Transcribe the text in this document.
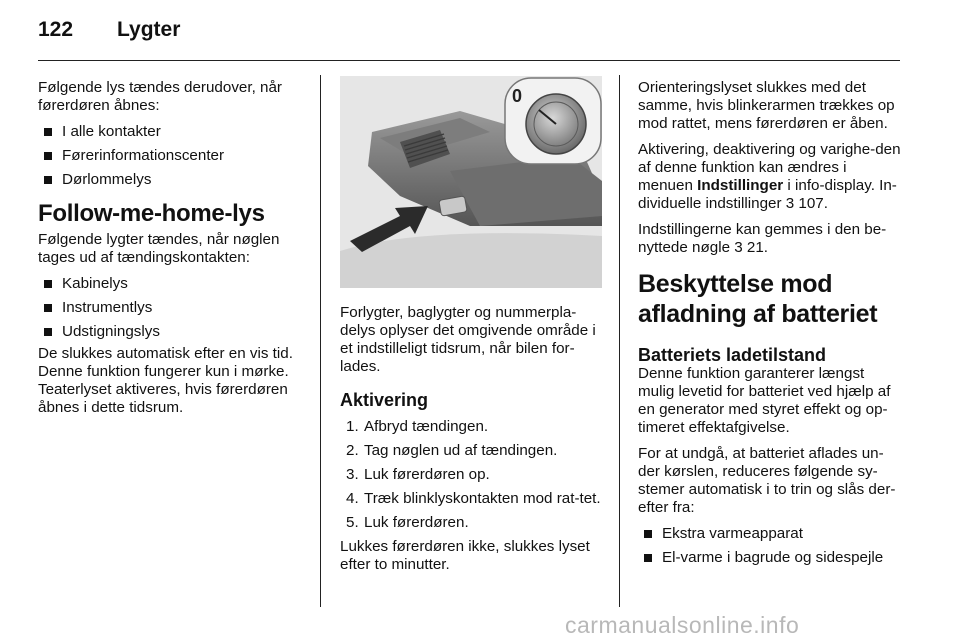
122 Lygter

Følgende lys tændes derudover, når førerdøren åbnes:

I alle kontakter
Førerinformationscenter
Dørlommelys
Follow-me-home-lys

Følgende lygter tændes, når nøglen tages ud af tændingskontakten:

Kabinelys
Instrumentlys
Udstigningslys

De slukkes automatisk efter en vis tid. Denne funktion fungerer kun i mørke. Teaterlyset aktiveres, hvis førerdøren åbnes i dette tidsrum.

0

Forlygter, baglygter og nummerpla-delys oplyser det omgivende område i et indstilleligt tidsrum, når bilen for-lades.

Aktivering
1. Afbryd tændingen.
2. Tag nøglen ud af tændingen.
3. Luk førerdøren op.
4. Træk blinklyskontakten mod rat-tet.
5. Luk førerdøren.

Lukkes førerdøren ikke, slukkes lyset efter to minutter.

Orienteringslyset slukkes med det samme, hvis blinkerarmen trækkes op mod rattet, mens førerdøren er åben.

Aktivering, deaktivering og varighe-den af denne funktion kan ændres i menuen Indstillinger i info-display. In-dividuelle indstillinger 3 107.

Indstillingerne kan gemmes i den be-nyttede nøgle 3 21.

Beskyttelse mod afladning af batteriet
Batteriets ladetilstand

Denne funktion garanterer længst mulig levetid for batteriet ved hjælp af en generator med styret effekt og op-timeret effektafgivelse.

For at undgå, at batteriet aflades un-der kørslen, reduceres følgende sy-stemer automatisk i to trin og slås der-efter fra:

Ekstra varmeapparat
El-varme i bagrude og sidespejle
carmanualsonline.info
